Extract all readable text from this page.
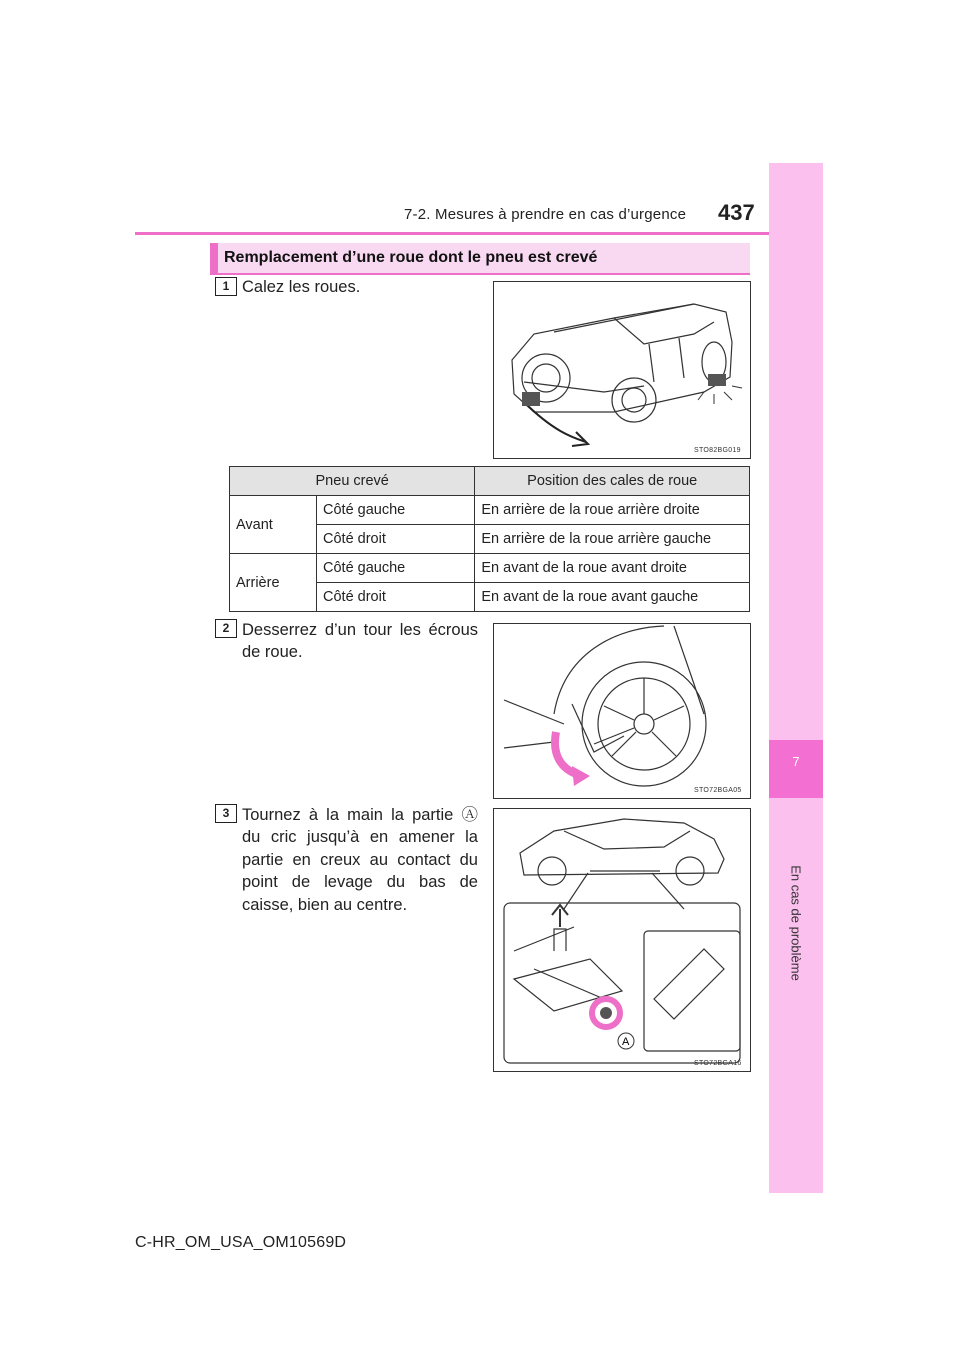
7-2. Mesures à prendre en cas d’urgence 437
7
En cas de problème
Remplacement d’une roue dont le pneu est crevé
1 Calez les roues.
STO82BG019
Pneu crevé		Position des cales de roue
Avant	Côté gauche	En arrière de la roue arrière droite
	Côté droit	En arrière de la roue arrière gauche
Arrière	Côté gauche	En avant de la roue avant droite
	Côté droit	En avant de la roue avant gauche
2 Desserrez d’un tour les écrous de roue.
STO72BGA05
3 Tournez à la main la partie Ⓐ du cric jusqu’à en amener la partie en creux au contact du point de levage du bas de caisse, bien au centre.
A
STO72BGA16
C-HR_OM_USA_OM10569D
